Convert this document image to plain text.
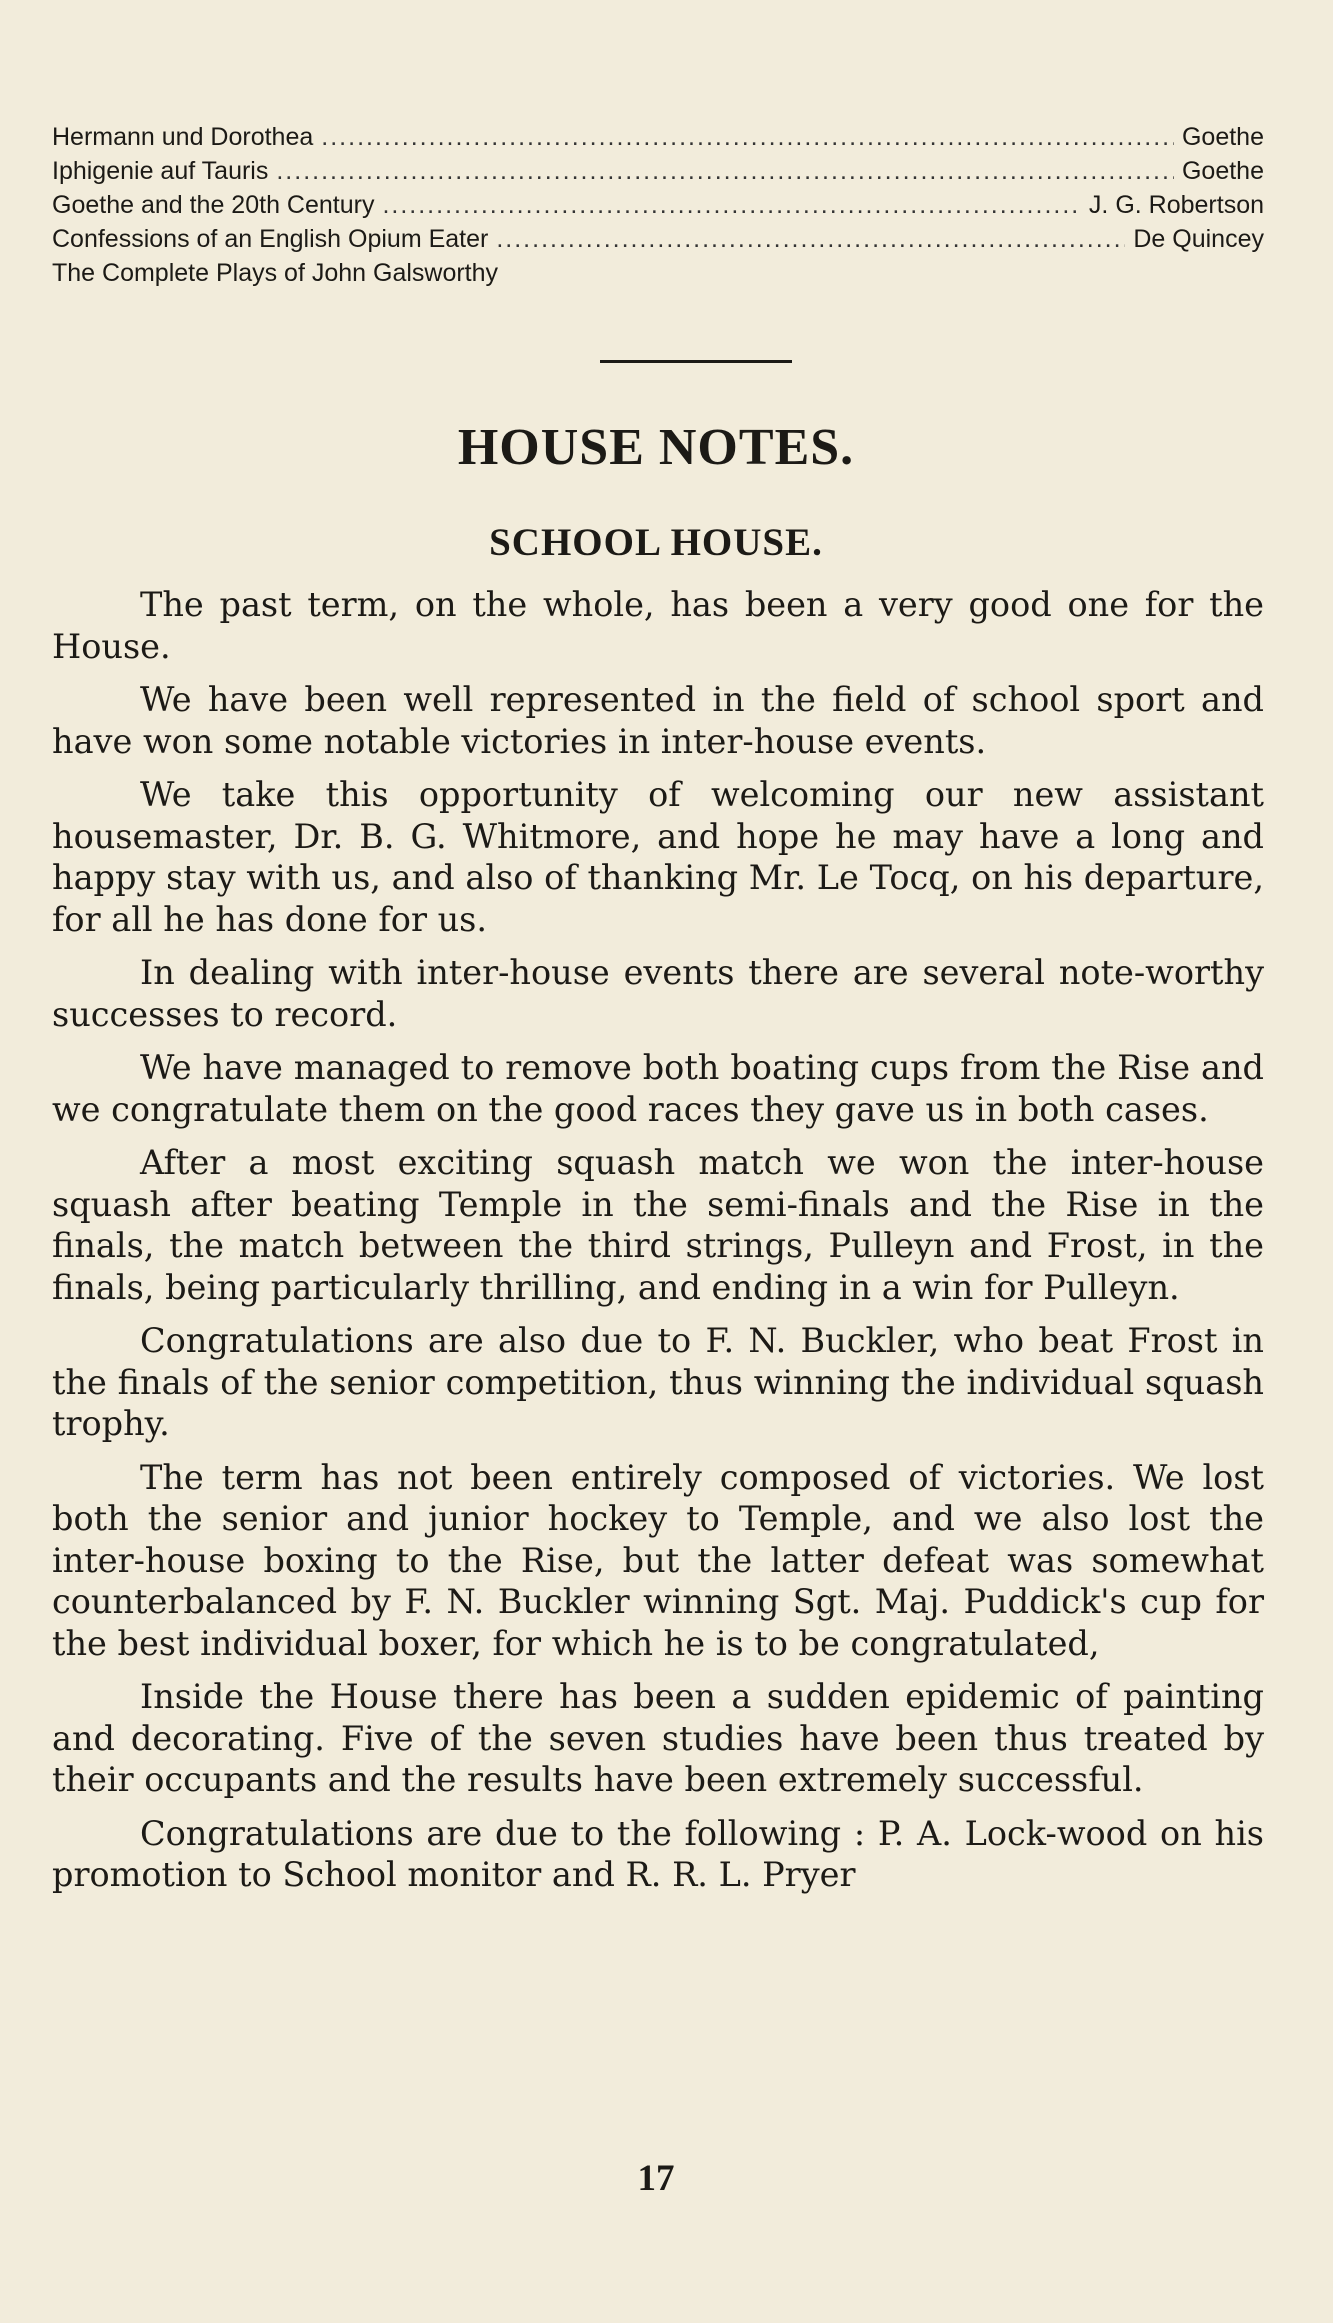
Hermann und Dorothea .....	Goethe
Iphigenie auf Tauris .....	Goethe
Goethe and the 20th Century .....	J. G. Robertson
Confessions of an English Opium Eater .....	De Quincey
The Complete Plays of John Galsworthy
HOUSE NOTES.
SCHOOL HOUSE.

The past term, on the whole, has been a very good one for the House.

We have been well represented in the field of school sport and have won some notable victories in inter-house events.

We take this opportunity of welcoming our new assistant housemaster, Dr. B. G. Whitmore, and hope he may have a long and happy stay with us, and also of thanking Mr. Le Tocq, on his departure, for all he has done for us.

In dealing with inter-house events there are several note-worthy successes to record.

We have managed to remove both boating cups from the Rise and we congratulate them on the good races they gave us in both cases.

After a most exciting squash match we won the inter-house squash after beating Temple in the semi-finals and the Rise in the finals, the match between the third strings, Pulleyn and Frost, in the finals, being particularly thrilling, and ending in a win for Pulleyn.

Congratulations are also due to F. N. Buckler, who beat Frost in the finals of the senior competition, thus winning the individual squash trophy.

The term has not been entirely composed of victories. We lost both the senior and junior hockey to Temple, and we also lost the inter-house boxing to the Rise, but the latter defeat was somewhat counterbalanced by F. N. Buckler winning Sgt. Maj. Puddick's cup for the best individual boxer, for which he is to be congratulated,

Inside the House there has been a sudden epidemic of painting and decorating. Five of the seven studies have been thus treated by their occupants and the results have been extremely successful.

Congratulations are due to the following : P. A. Lock-wood on his promotion to School monitor and R. R. L. Pryer

17
